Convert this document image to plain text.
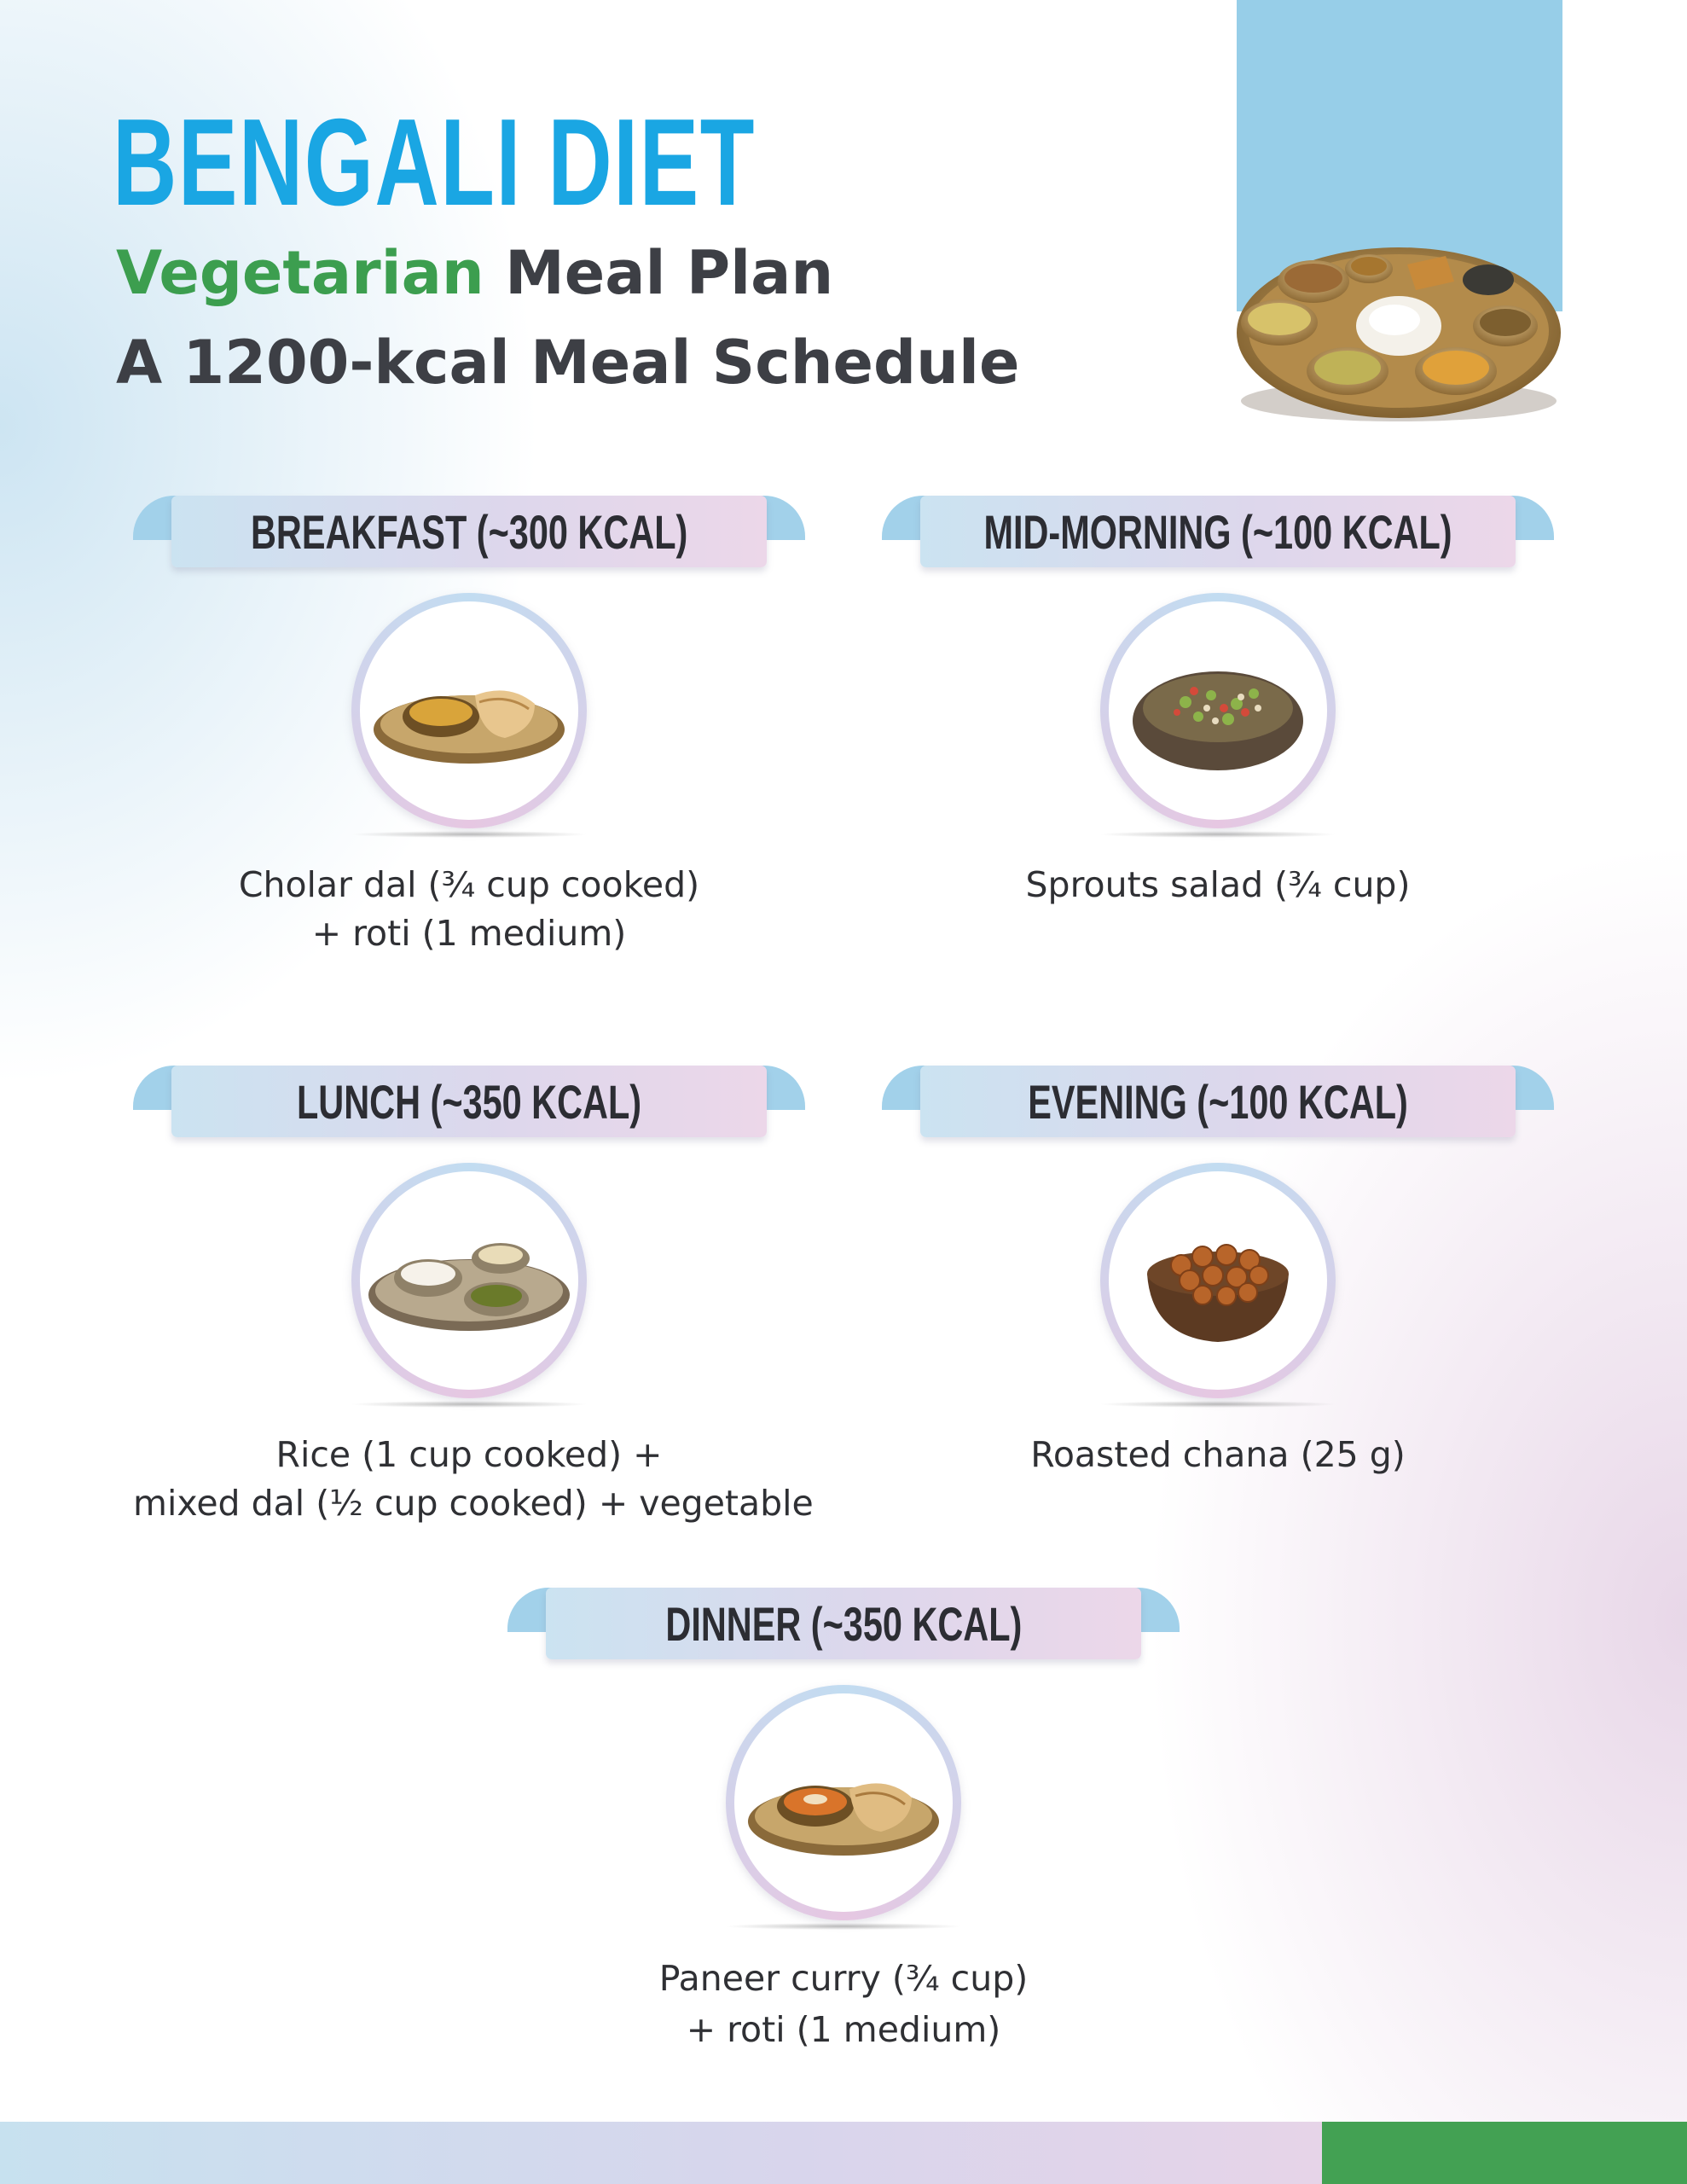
BENGALI DIET
Vegetarian Meal Plan
A 1200-kcal Meal Schedule
BREAKFAST (~300 KCAL)
Cholar dal (¾ cup cooked)
+ roti (1 medium)
MID-MORNING (~100 KCAL)
Sprouts salad (¾ cup)
LUNCH (~350 KCAL)
Rice (1 cup cooked) +
mixed dal (½ cup cooked) + vegetable
EVENING (~100 KCAL)
Roasted chana (25 g)
DINNER (~350 KCAL)
Paneer curry (¾ cup)
+ roti (1 medium)
